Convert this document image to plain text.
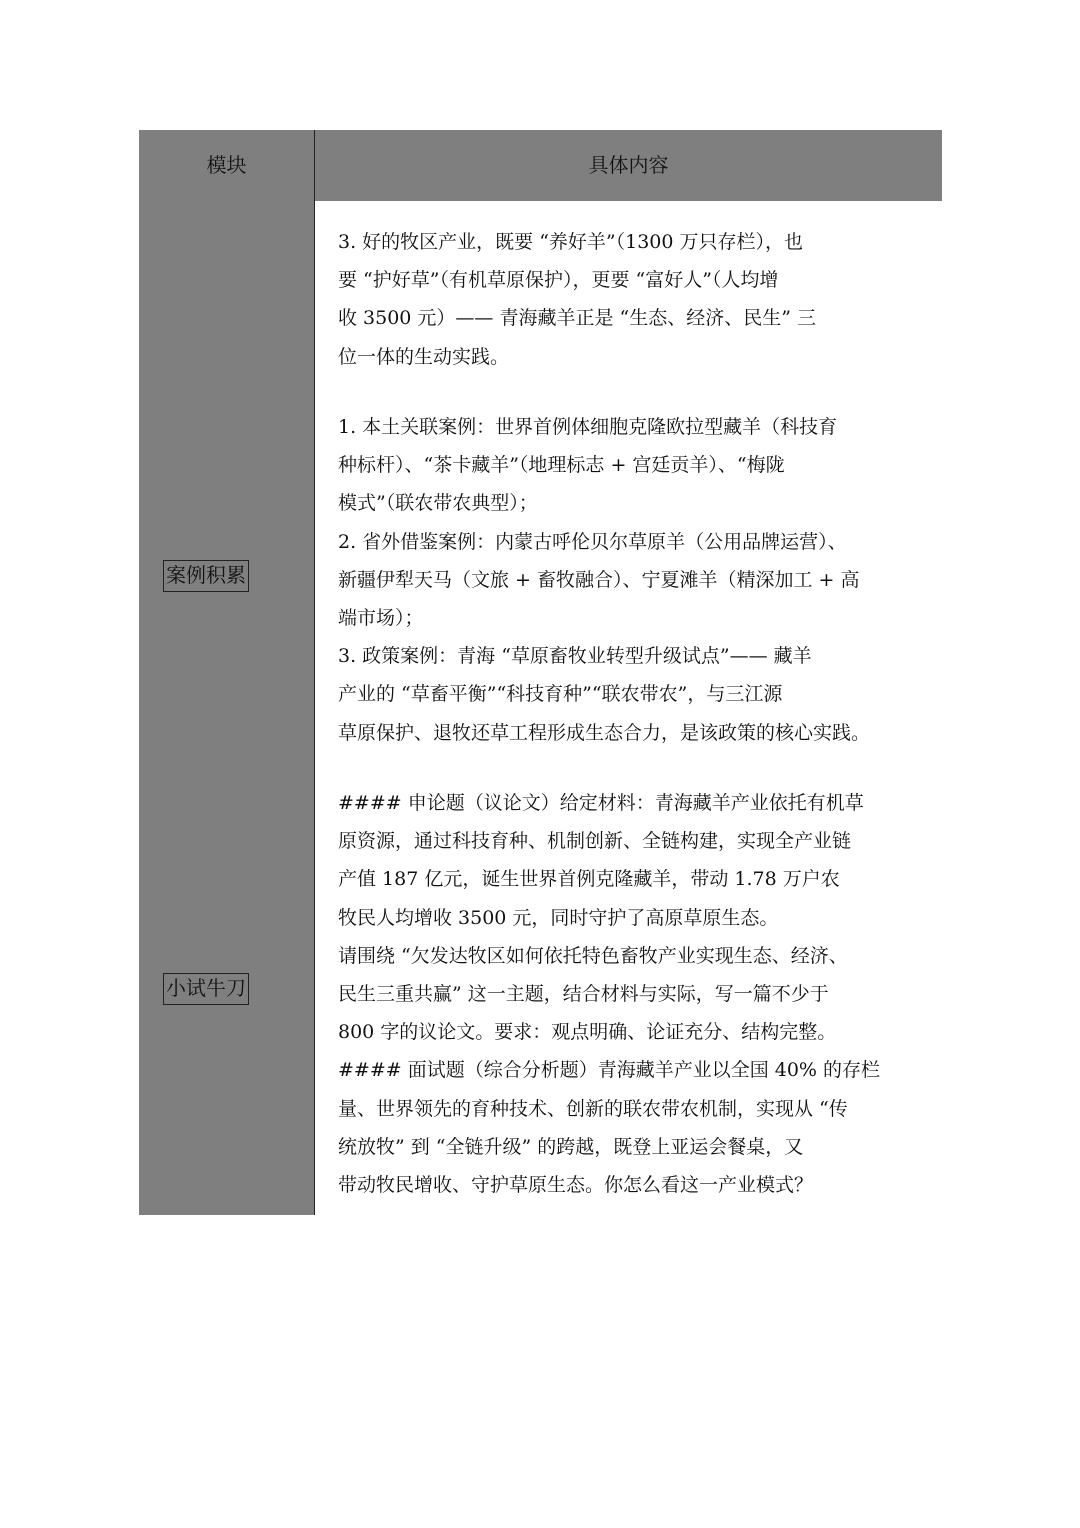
模块	具体内容
案例积累
小试牛刀

3. 好的牧区产业，既要 “养好羊”（1300 万只存栏），也

要 “护好草”（有机草原保护），更要 “富好人”（人均增

收 3500 元）—— 青海藏羊正是 “生态、经济、民生” 三

位一体的生动实践。

1. 本土关联案例：世界首例体细胞克隆欧拉型藏羊（科技育

种标杆）、“茶卡藏羊”（地理标志 + 宫廷贡羊）、“梅陇

模式”（联农带农典型）；

2. 省外借鉴案例：内蒙古呼伦贝尔草原羊（公用品牌运营）、

新疆伊犁天马（文旅 + 畜牧融合）、宁夏滩羊（精深加工 + 高

端市场）；

3. 政策案例：青海 “草原畜牧业转型升级试点”—— 藏羊

产业的 “草畜平衡”“科技育种”“联农带农”，与三江源

草原保护、退牧还草工程形成生态合力，是该政策的核心实践。

#### 申论题（议论文）给定材料：青海藏羊产业依托有机草

原资源，通过科技育种、机制创新、全链构建，实现全产业链

产值 187 亿元，诞生世界首例克隆藏羊，带动 1.78 万户农

牧民人均增收 3500 元，同时守护了高原草原生态。

请围绕 “欠发达牧区如何依托特色畜牧产业实现生态、经济、

民生三重共赢” 这一主题，结合材料与实际，写一篇不少于

800 字的议论文。要求：观点明确、论证充分、结构完整。

#### 面试题（综合分析题）青海藏羊产业以全国 40% 的存栏

量、世界领先的育种技术、创新的联农带农机制，实现从 “传

统放牧” 到 “全链升级” 的跨越，既登上亚运会餐桌，又

带动牧民增收、守护草原生态。你怎么看这一产业模式？
